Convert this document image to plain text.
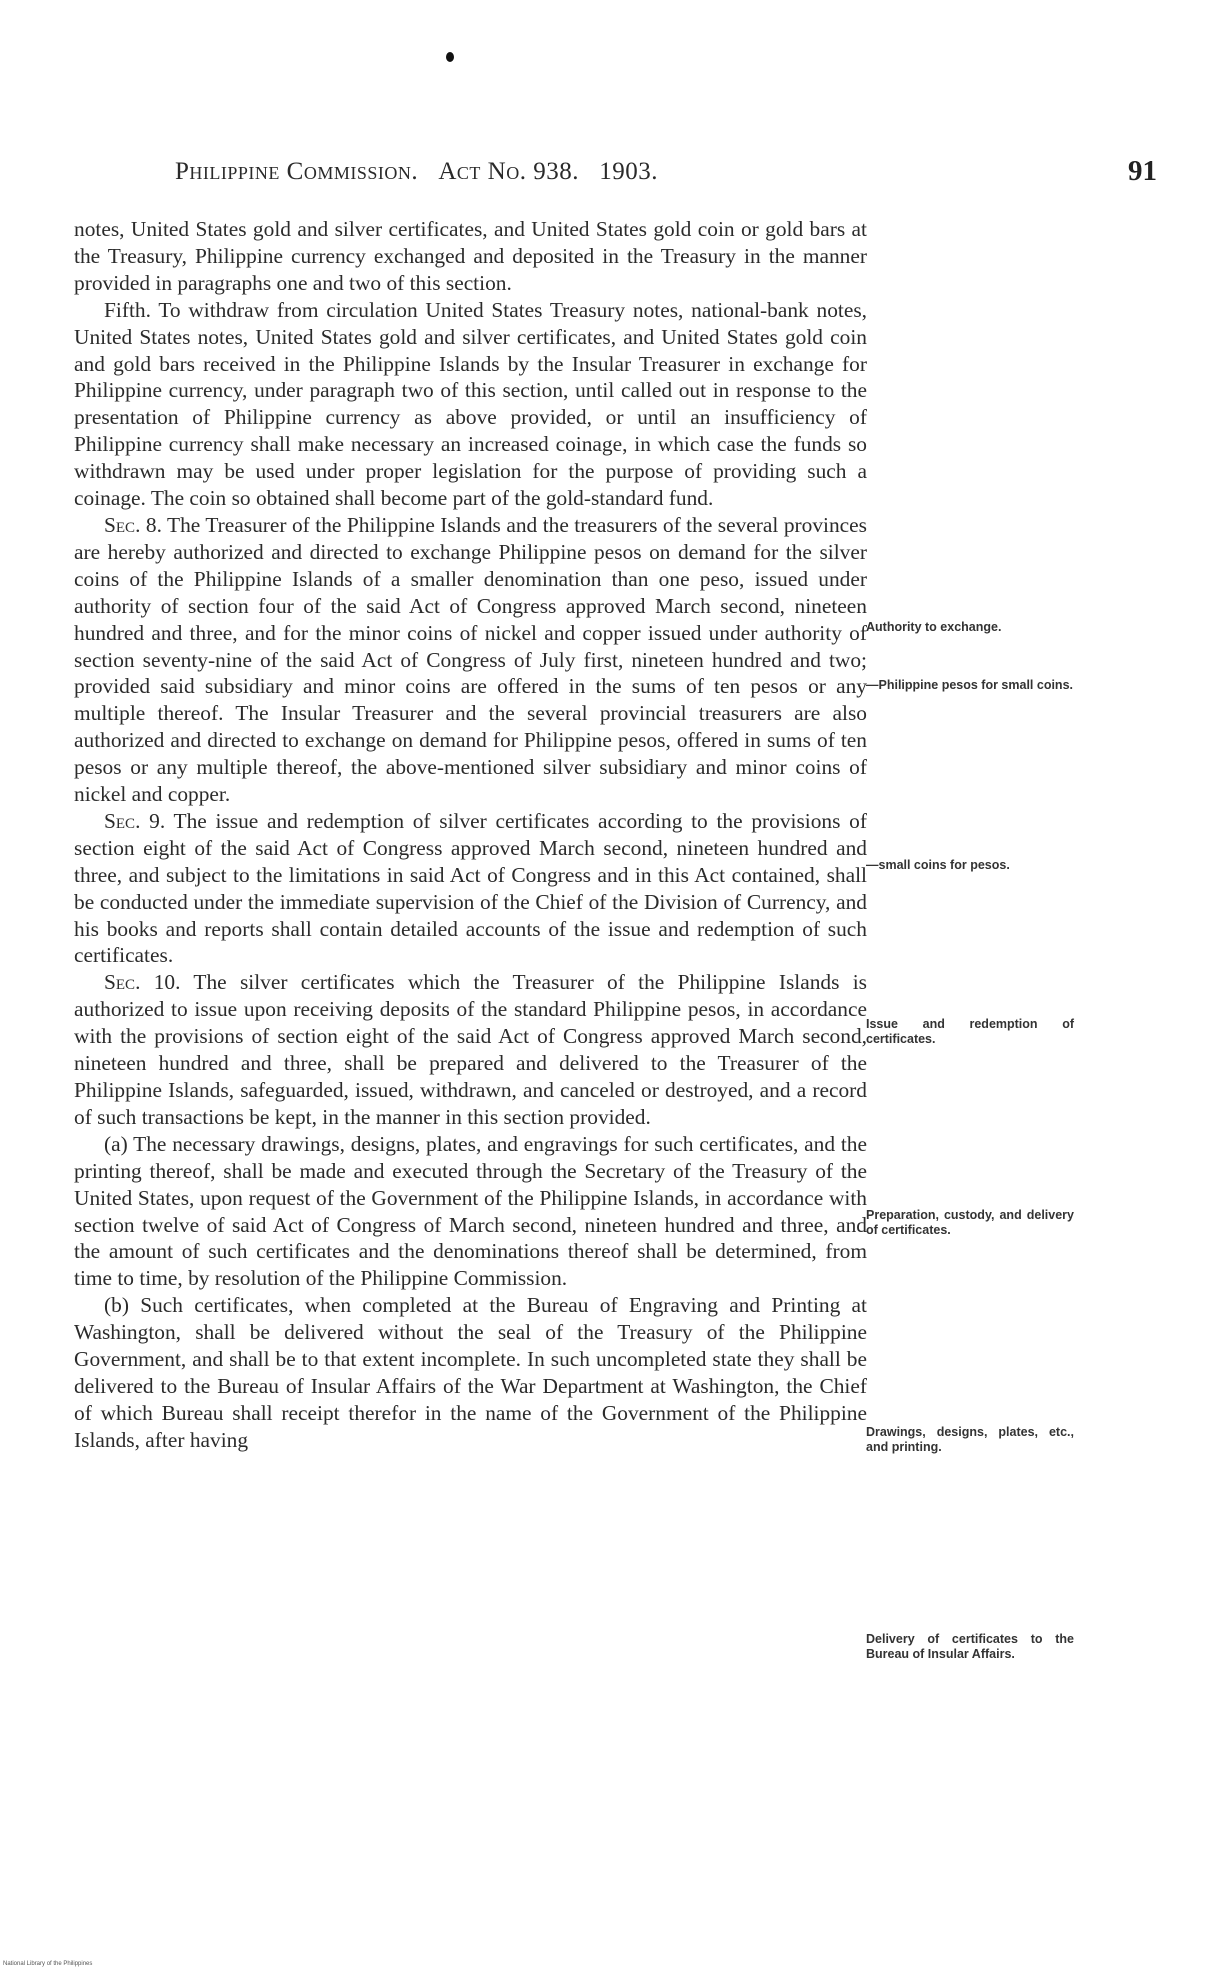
Philippine Commission. Act No. 938. 1903.	91

notes, United States gold and silver certificates, and United States gold coin or gold bars at the Treasury, Philippine currency exchanged and deposited in the Treasury in the manner provided in paragraphs one and two of this section.

Fifth. To withdraw from circulation United States Treasury notes, national-bank notes, United States notes, United States gold and silver certificates, and United States gold coin and gold bars received in the Philippine Islands by the Insular Treasurer in exchange for Philippine currency, under paragraph two of this section, until called out in response to the presentation of Philippine currency as above provided, or until an insufficiency of Philippine currency shall make necessary an increased coinage, in which case the funds so withdrawn may be used under proper legislation for the purpose of providing such a coinage. The coin so obtained shall become part of the gold-standard fund.

Sec. 8. The Treasurer of the Philippine Islands and the treasurers of the several provinces are hereby authorized and directed to exchange Philippine pesos on demand for the silver coins of the Philippine Islands of a smaller denomination than one peso, issued under authority of section four of the said Act of Congress approved March second, nineteen hundred and three, and for the minor coins of nickel and copper issued under authority of section seventy-nine of the said Act of Congress of July first, nineteen hundred and two; provided said subsidiary and minor coins are offered in the sums of ten pesos or any multiple thereof. The Insular Treasurer and the several provincial treasurers are also authorized and directed to exchange on demand for Philippine pesos, offered in sums of ten pesos or any multiple thereof, the above-mentioned silver subsidiary and minor coins of nickel and copper.

Sec. 9. The issue and redemption of silver certificates according to the provisions of section eight of the said Act of Congress approved March second, nineteen hundred and three, and subject to the limitations in said Act of Congress and in this Act contained, shall be conducted under the immediate supervision of the Chief of the Division of Currency, and his books and reports shall contain detailed accounts of the issue and redemption of such certificates.

Sec. 10. The silver certificates which the Treasurer of the Philippine Islands is authorized to issue upon receiving deposits of the standard Philippine pesos, in accordance with the provisions of section eight of the said Act of Congress approved March second, nineteen hundred and three, shall be prepared and delivered to the Treasurer of the Philippine Islands, safeguarded, issued, withdrawn, and canceled or destroyed, and a record of such transactions be kept, in the manner in this section provided.

(a) The necessary drawings, designs, plates, and engravings for such certificates, and the printing thereof, shall be made and executed through the Secretary of the Treasury of the United States, upon request of the Government of the Philippine Islands, in accordance with section twelve of said Act of Congress of March second, nineteen hundred and three, and the amount of such certificates and the denominations thereof shall be determined, from time to time, by resolution of the Philippine Commission.

(b) Such certificates, when completed at the Bureau of Engraving and Printing at Washington, shall be delivered without the seal of the Treasury of the Philippine Government, and shall be to that extent incomplete. In such uncompleted state they shall be delivered to the Bureau of Insular Affairs of the War Department at Washington, the Chief of which Bureau shall receipt therefor in the name of the Government of the Philippine Islands, after having

Authority to exchange.
—Philippine pesos for small coins.
—small coins for pesos.
Issue and redemption of certificates.
Preparation, custody, and delivery of certificates.
Drawings, designs, plates, etc., and printing.
Delivery of certificates to the Bureau of Insular Affairs.
National Library of the Philippines
